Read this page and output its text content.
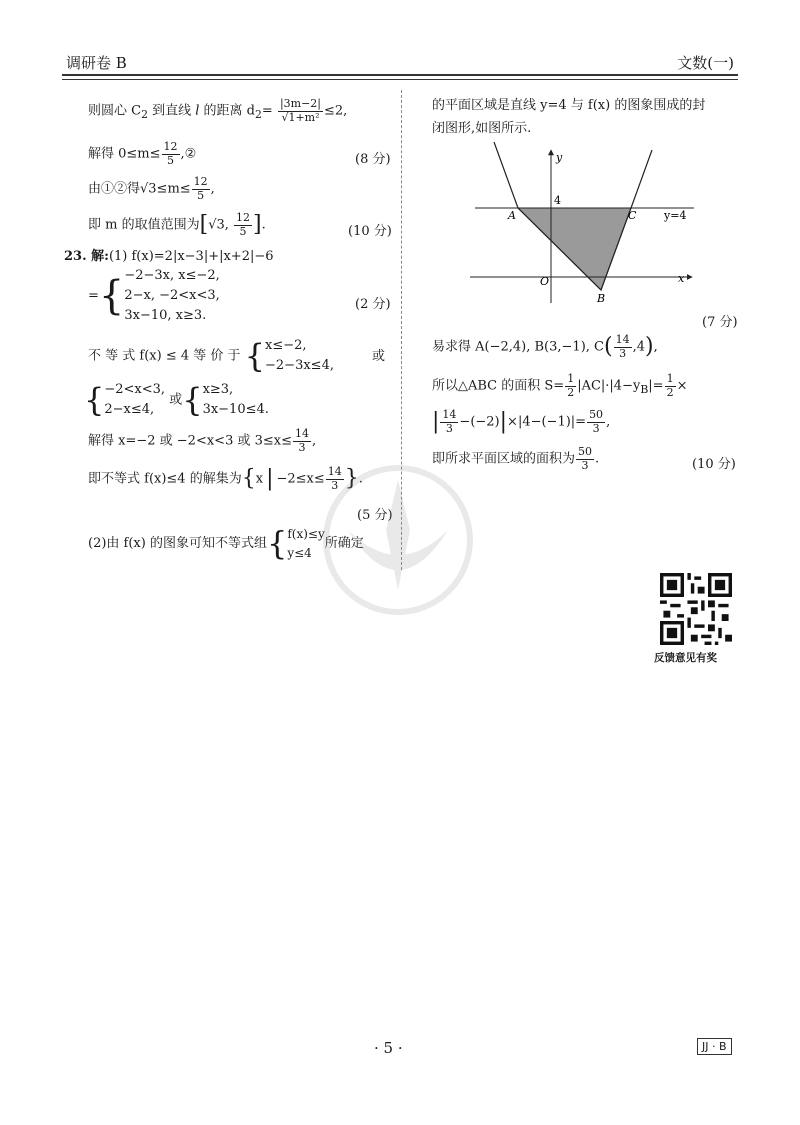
调研卷 B	文数(一)
则圆心 $C_2$ 到直线 l 的距离 $d_2= \frac{|3m-2|}{\text{√1+m²}} \le 2$,
解得 $0\le m\le \frac{12}{5}$ ,②	(8 分)
由①②得$√3\le m\le \frac{12}{5}$ ,
即 m 的取值范围为[√3, $\frac{12}{5}$ ].	(10 分)
23. 解:(1) f(x)=2|x−3|+|x+2|−6
={−2−3x, x≤−2,
2−x, −2<x<3,
3x−10, x≥3.
(2 分)
不 等 式 f(x) ≤ 4 等 价 于 {x≤−2,
−2−3x≤4,
或
{−2<x<3,
2−x≤4, 或{x≥3,
3x−10≤4.
解得 x=−2 或 −2<x<3 或 $3\le x\le \frac{14}{3}$ ,
即不等式 f(x)≤4 的解集为{x | $-2\le x\le \frac{14}{3}$ }.
(5 分)
(2)由 f(x) 的图象可知不等式组{f(x)≤y
y≤4所确定
的平面区域是直线 y=4 与 f(x) 的图象围成的封
闭图形,如图所示.
y
x
O
A
B
C
4
y=4
(7 分)
易求得 A(−2,4), B(3,−1), $C( \frac{14}{3} ,4)$,
所以△ABC 的面积 $S= \frac{1}{2} |AC|\cdot|4-y_B|= \frac{1}{2}$ ×
| $\frac{14}{3} -(-2)|\times|4-(-1)|= \frac{50}{3}$ ,
即所求平面区域的面积为 $\frac{50}{3}$ .	(10 分)
反馈意见有奖
· 5 ·	JJ · B
